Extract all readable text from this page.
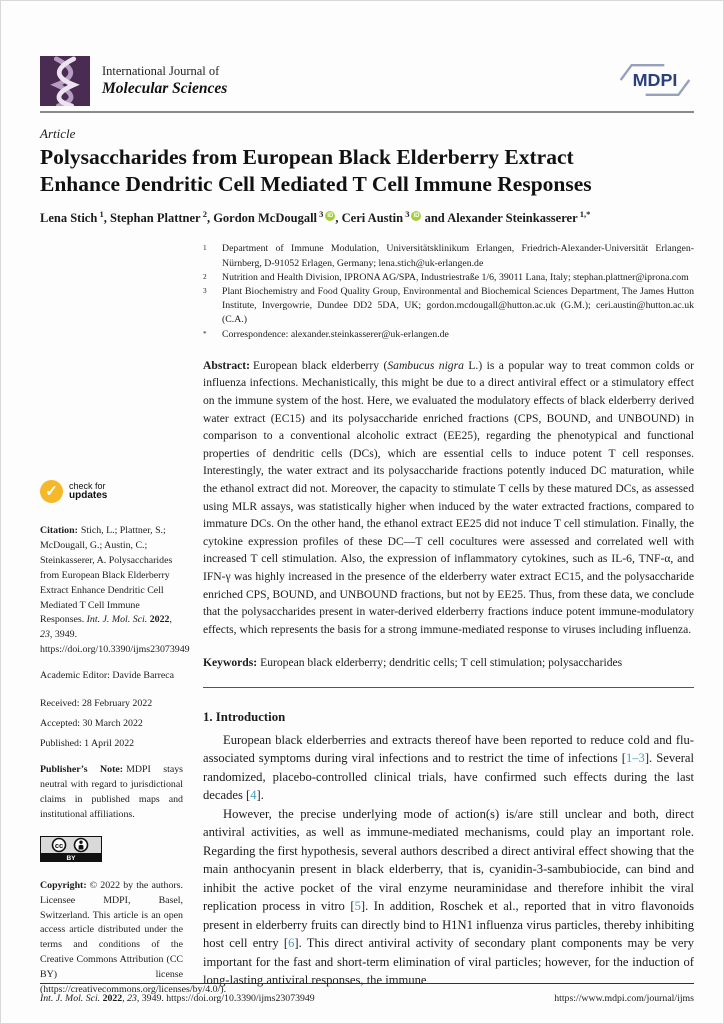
International Journal of
Molecular Sciences	MDPI
Article
Polysaccharides from European Black Elderberry Extract Enhance Dendritic Cell Mediated T Cell Immune Responses
Lena Stich $^1$, Stephan Plattner $^2$, Gordon McDougall $^3$ iD , Ceri Austin $^3$ iD and Alexander Steinkasserer $^{1,*}$
✓	check for
updates

Citation: Stich, L.; Plattner, S.; McDougall, G.; Austin, C.; Steinkasserer, A. Polysaccharides from European Black Elderberry Extract Enhance Dendritic Cell Mediated T Cell Immune Responses. Int. J. Mol. Sci. 2022, 23, 3949. https://doi.org/10.3390/ijms23073949

Academic Editor: Davide Barreca

Received: 28 February 2022
Accepted: 30 March 2022
Published: 1 April 2022

Publisher’s Note: MDPI stays neutral with regard to jurisdictional claims in published maps and institutional affiliations.

cc
BY

Copyright: © 2022 by the authors. Licensee MDPI, Basel, Switzerland. This article is an open access article distributed under the terms and conditions of the Creative Commons Attribution (CC BY) license (https://creativecommons.org/licenses/by/4.0/).

1	Department of Immune Modulation, Universitätsklinikum Erlangen, Friedrich-Alexander-Universität Erlangen-Nürnberg, D-91052 Erlagen, Germany; lena.stich@uk-erlangen.de
2	Nutrition and Health Division, IPRONA AG/SPA, Industriestraße 1/6, 39011 Lana, Italy; stephan.plattner@iprona.com
3	Plant Biochemistry and Food Quality Group, Environmental and Biochemical Sciences Department, The James Hutton Institute, Invergowrie, Dundee DD2 5DA, UK; gordon.mcdougall@hutton.ac.uk (G.M.); ceri.austin@hutton.ac.uk (C.A.)
*	Correspondence: alexander.steinkasserer@uk-erlangen.de

Abstract: European black elderberry (Sambucus nigra L.) is a popular way to treat common colds or influenza infections. Mechanistically, this might be due to a direct antiviral effect or a stimulatory effect on the immune system of the host. Here, we evaluated the modulatory effects of black elderberry derived water extract (EC15) and its polysaccharide enriched fractions (CPS, BOUND, and UNBOUND) in comparison to a conventional alcoholic extract (EE25), regarding the phenotypical and functional properties of dendritic cells (DCs), which are essential cells to induce potent T cell responses. Interestingly, the water extract and its polysaccharide fractions potently induced DC maturation, while the ethanol extract did not. Moreover, the capacity to stimulate T cells by these matured DCs, as assessed using MLR assays, was statistically higher when induced by the water extracted fractions, compared to immature DCs. On the other hand, the ethanol extract EE25 did not induce T cell stimulation. Finally, the cytokine expression profiles of these DC—T cell cocultures were assessed and correlated well with increased T cell stimulation. Also, the expression of inflammatory cytokines, such as IL-6, TNF-α, and IFN-γ was highly increased in the presence of the elderberry water extract EC15, and the polysaccharide enriched CPS, BOUND, and UNBOUND fractions, but not by EE25. Thus, from these data, we conclude that the polysaccharides present in water-derived elderberry fractions induce potent immune-modulatory effects, which represents the basis for a strong immune-mediated response to viruses including influenza.

Keywords: European black elderberry; dendritic cells; T cell stimulation; polysaccharides

1. Introduction

European black elderberries and extracts thereof have been reported to reduce cold and flu-associated symptoms during viral infections and to restrict the time of infections [1–3]. Several randomized, placebo-controlled clinical trials, have confirmed such effects during the last decades [4].

However, the precise underlying mode of action(s) is/are still unclear and both, direct antiviral activities, as well as immune-mediated mechanisms, could play an important role. Regarding the first hypothesis, several authors described a direct antiviral effect showing that the main anthocyanin present in black elderberry, that is, cyanidin-3-sambubiocide, can bind and inhibit the active pocket of the viral enzyme neuraminidase and therefore inhibit the viral replication process in vitro [5]. In addition, Roschek et al., reported that in vitro flavonoids present in elderberry fruits can directly bind to H1N1 influenza virus particles, thereby inhibiting host cell entry [6]. This direct antiviral activity of secondary plant components may be very important for the fast and short-term elimination of viral particles; however, for the induction of long-lasting antiviral responses, the immune

Int. J. Mol. Sci. 2022, 23, 3949. https://doi.org/10.3390/ijms23073949	https://www.mdpi.com/journal/ijms
